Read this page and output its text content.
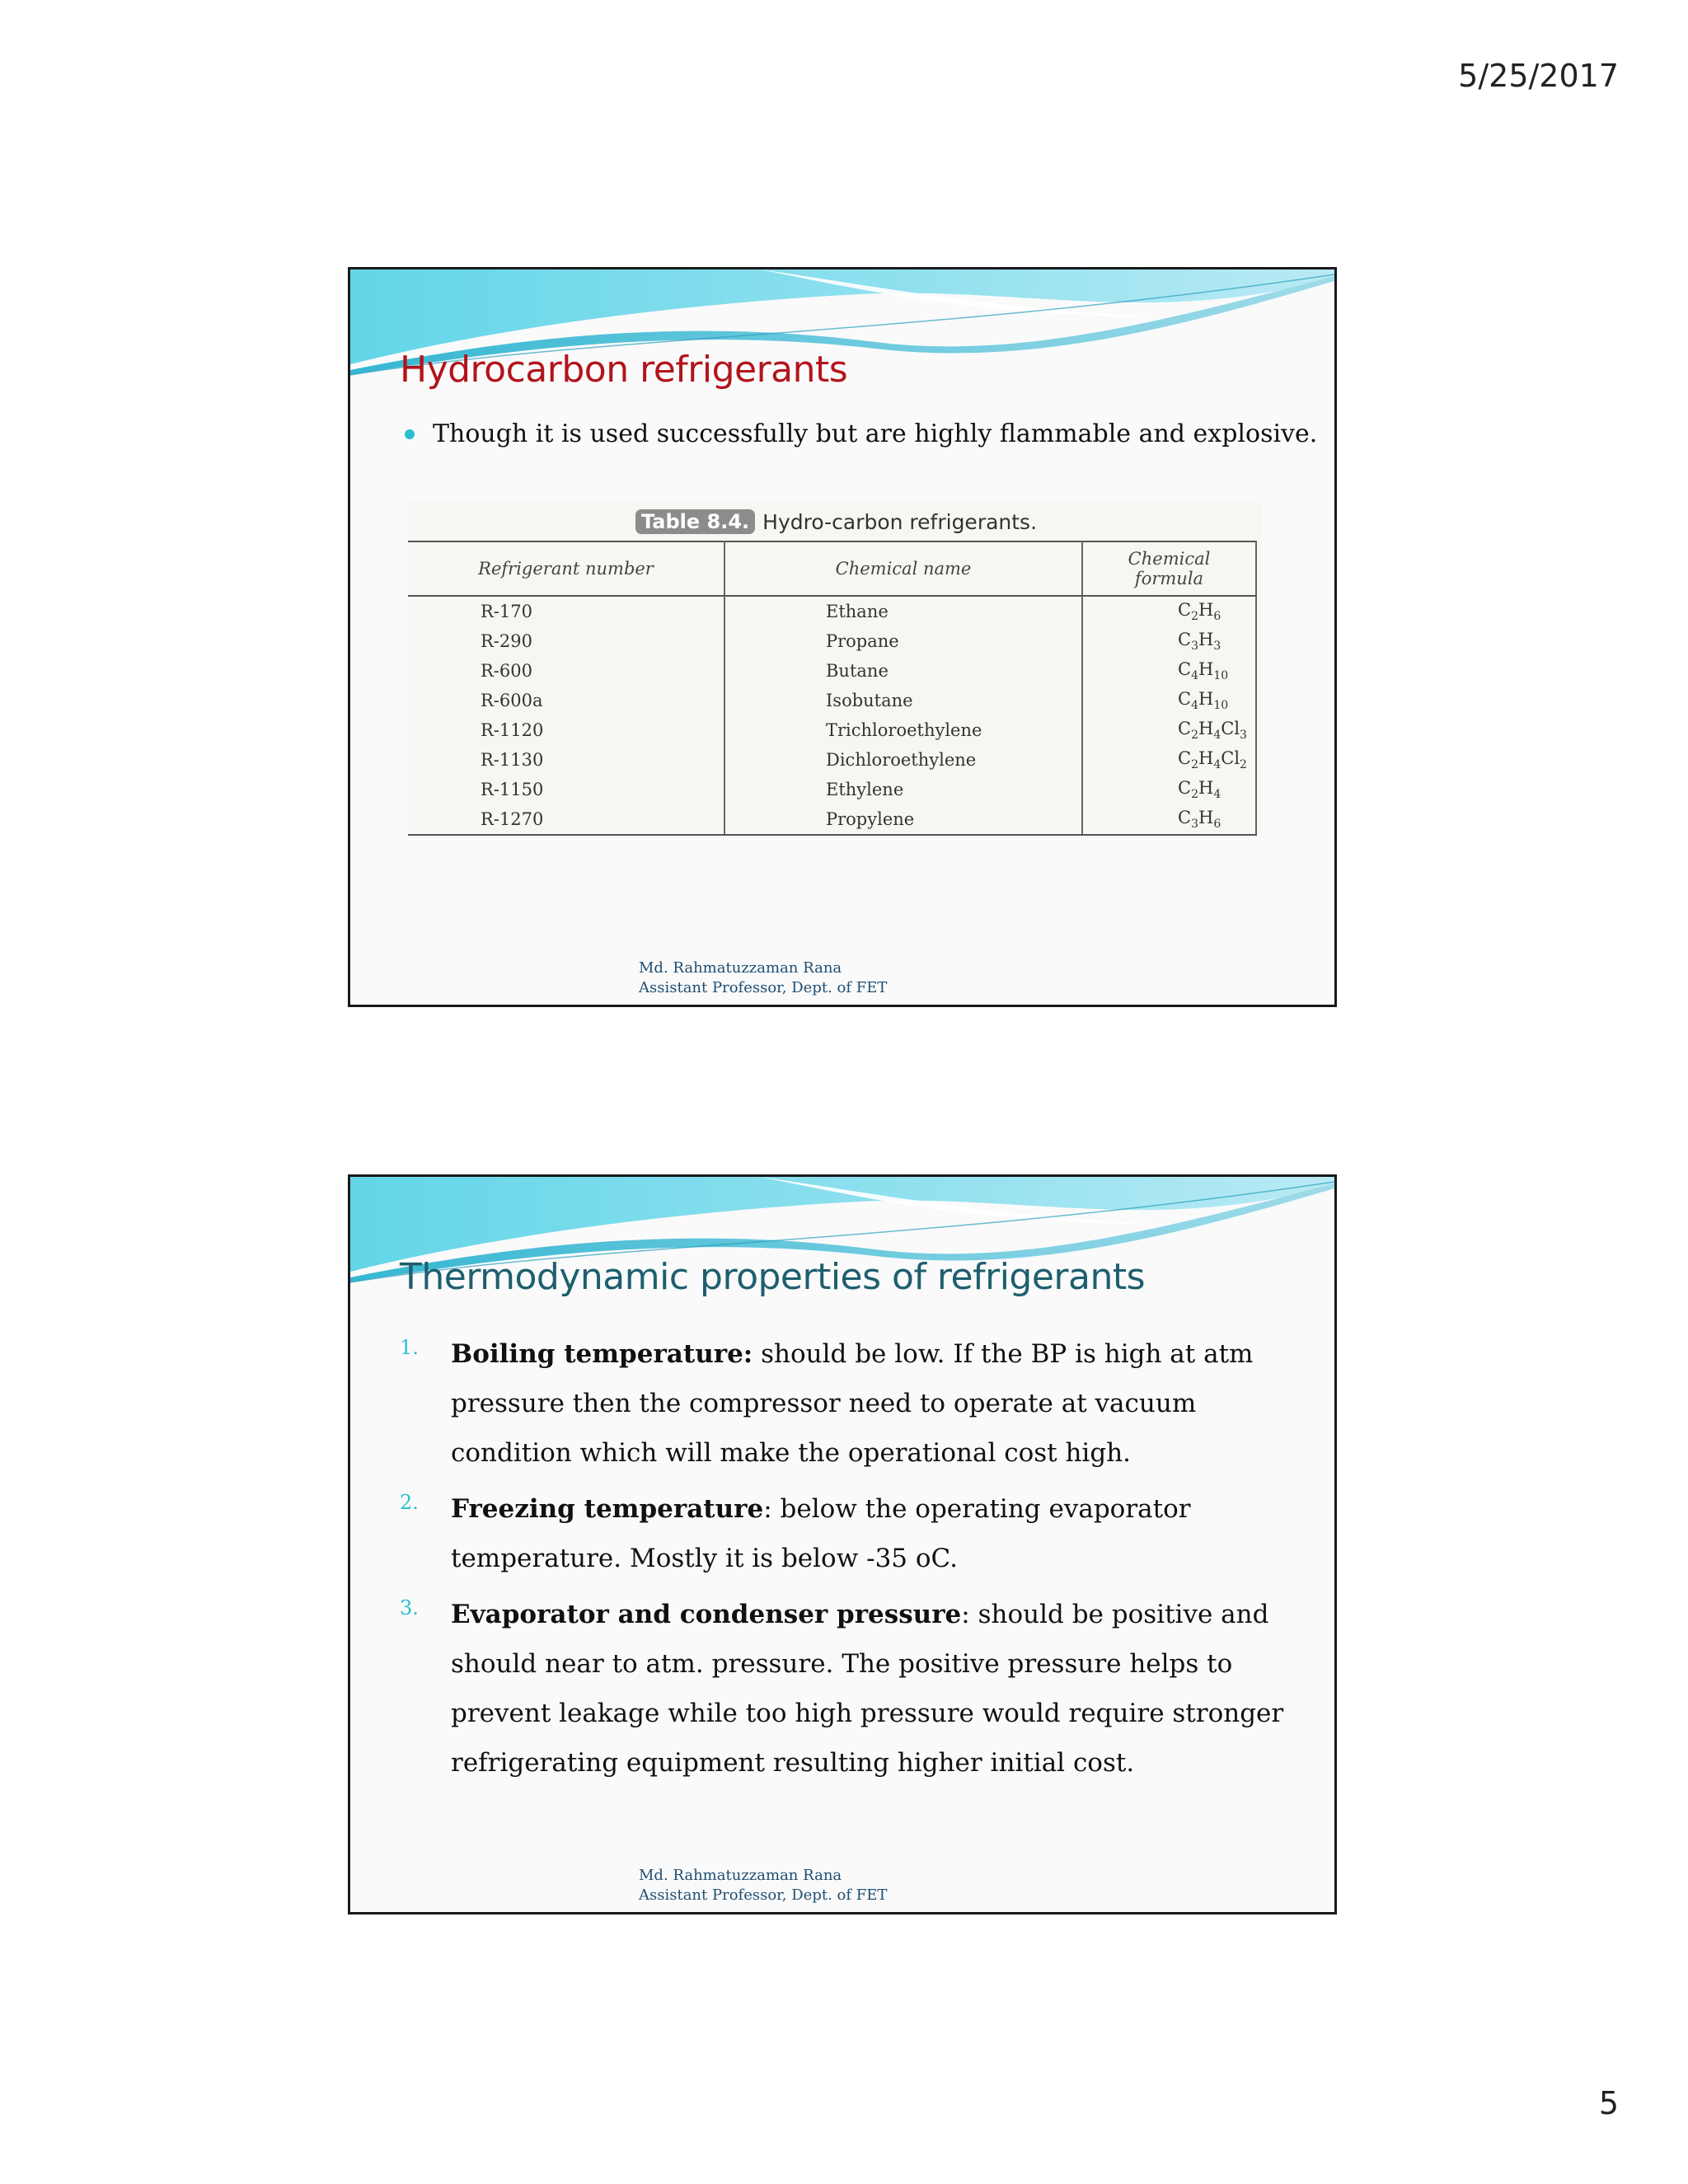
5/25/2017
Hydrocarbon refrigerants
Though it is used successfully but are highly flammable and explosive.
Table 8.4. Hydro-carbon refrigerants.
Refrigerant number	Chemical name	Chemical formula
R-170	Ethane	$C_2H_6$
R-290	Propane	$C_3H_3$
R-600	Butane	$C_4H_{10}$
R-600a	Isobutane	$C_4H_{10}$
R-1120	Trichloroethylene	$C_2H_4Cl_3$
R-1130	Dichloroethylene	$C_2H_4Cl_2$
R-1150	Ethylene	$C_2H_4$
R-1270	Propylene	$C_3H_6$
Md. Rahmatuzzaman Rana
Assistant Professor, Dept. of FET
Thermodynamic properties of refrigerants
1.	Boiling temperature: should be low. If the BP is high at atm pressure then the compressor need to operate at vacuum condition which will make the operational cost high.
2.	Freezing temperature: below the operating evaporator temperature. Mostly it is below -35 oC.
3.	Evaporator and condenser pressure: should be positive and should near to atm. pressure. The positive pressure helps to prevent leakage while too high pressure would require stronger refrigerating equipment resulting higher initial cost.
Md. Rahmatuzzaman Rana
Assistant Professor, Dept. of FET
5
